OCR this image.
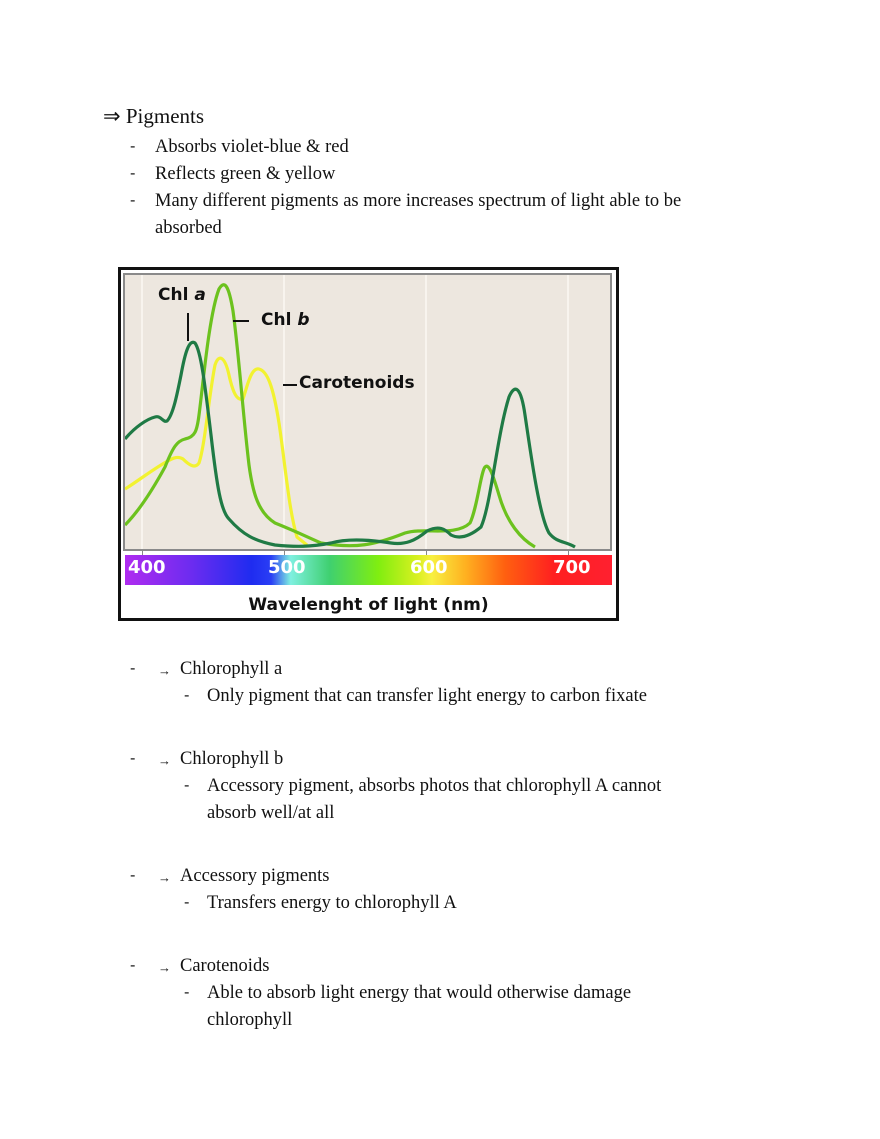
⇒ Pigments
- Absorbs violet-blue & red
- Reflects green & yellow
- Many different pigments as more increases spectrum of light able to be
absorbed
Chl a
Chl b
Carotenoids
400	500	600	700
Wavelenght of light (nm)
- → Chlorophyll a
- Only pigment that can transfer light energy to carbon fixate
- → Chlorophyll b
- Accessory pigment, absorbs photos that chlorophyll A cannot
absorb well/at all
- → Accessory pigments
- Transfers energy to chlorophyll A
- → Carotenoids
- Able to absorb light energy that would otherwise damage
chlorophyll
